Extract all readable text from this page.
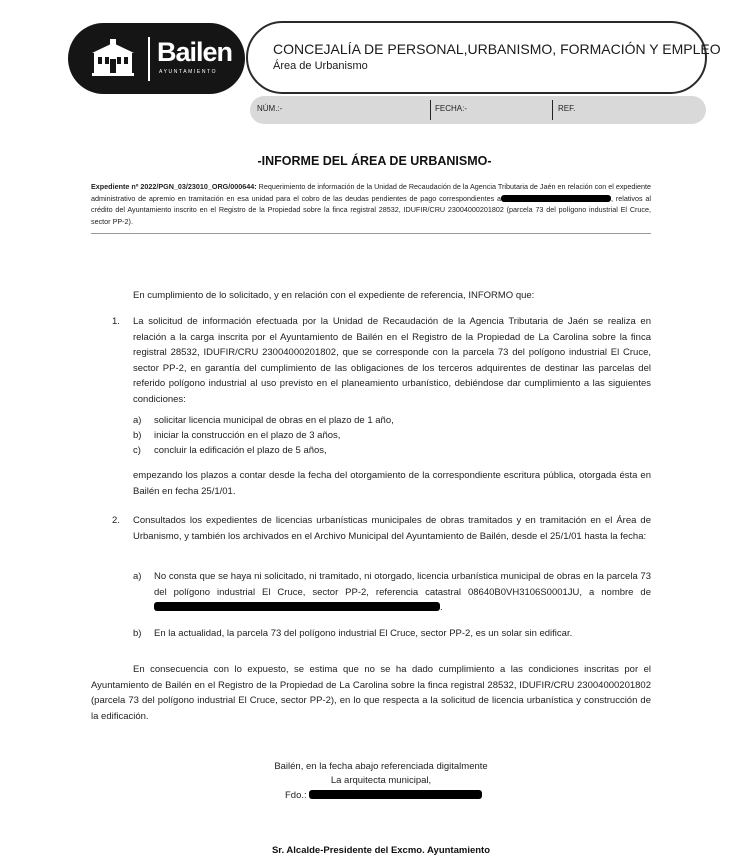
Bailen
AYUNTAMIENTO
CONCEJALÍA DE PERSONAL,URBANISMO, FORMACIÓN Y EMPLEO
Área de Urbanismo
NÚM.:-	FECHA:-	REF.
-INFORME DEL ÁREA DE URBANISMO-
Expediente nº 2022/PGN_03/23010_ORG/000644: Requerimiento de información de la Unidad de Recaudación de la Agencia Tributaria de Jaén en relación con el expediente administrativo de apremio en tramitación en esa unidad para el cobro de las deudas pendientes de pago correspondientes a	, relativos al crédito del Ayuntamiento inscrito en el Registro de la Propiedad sobre la finca registral 28532, IDUFIR/CRU 23004000201802 (parcela 73 del polígono industrial El Cruce, sector PP-2).
En cumplimiento de lo solicitado, y en relación con el expediente de referencia, INFORMO que:
1. La solicitud de información efectuada por la Unidad de Recaudación de la Agencia Tributaria de Jaén se realiza en relación a la carga inscrita por el Ayuntamiento de Bailén en el Registro de la Propiedad de La Carolina sobre la finca registral 28532, IDUFIR/CRU 23004000201802, que se corresponde con la parcela 73 del polígono industrial El Cruce, sector PP-2, en garantía del cumplimiento de las obligaciones de los terceros adquirentes de destinar las parcelas del referido polígono industrial al uso previsto en el planeamiento urbanístico, debiéndose dar cumplimiento a las siguientes condiciones:
a) solicitar licencia municipal de obras en el plazo de 1 año,
b) iniciar la construcción en el plazo de 3 años,
c) concluir la edificación el plazo de 5 años,
empezando los plazos a contar desde la fecha del otorgamiento de la correspondiente escritura pública, otorgada ésta en Bailén en fecha 25/1/01.
2. Consultados los expedientes de licencias urbanísticas municipales de obras tramitados y en tramitación en el Área de Urbanismo, y también los archivados en el Archivo Municipal del Ayuntamiento de Bailén, desde el 25/1/01 hasta la fecha:
a) No consta que se haya ni solicitado, ni tramitado, ni otorgado, licencia urbanística municipal de obras en la parcela 73 del polígono industrial El Cruce, sector PP-2, referencia catastral 08640B0VH3106S0001JU, a nombre de .
b) En la actualidad, la parcela 73 del polígono industrial El Cruce, sector PP-2, es un solar sin edificar.
En consecuencia con lo expuesto, se estima que no se ha dado cumplimiento a las condiciones inscritas por el Ayuntamiento de Bailén en el Registro de la Propiedad de La Carolina sobre la finca registral 28532, IDUFIR/CRU 23004000201802 (parcela 73 del polígono industrial El Cruce, sector PP-2), en lo que respecta a la solicitud de licencia urbanística y construcción de la edificación.
Bailén, en la fecha abajo referenciada digitalmente
La arquitecta municipal,
Fdo.:
Sr. Alcalde-Presidente del Excmo. Ayuntamiento
